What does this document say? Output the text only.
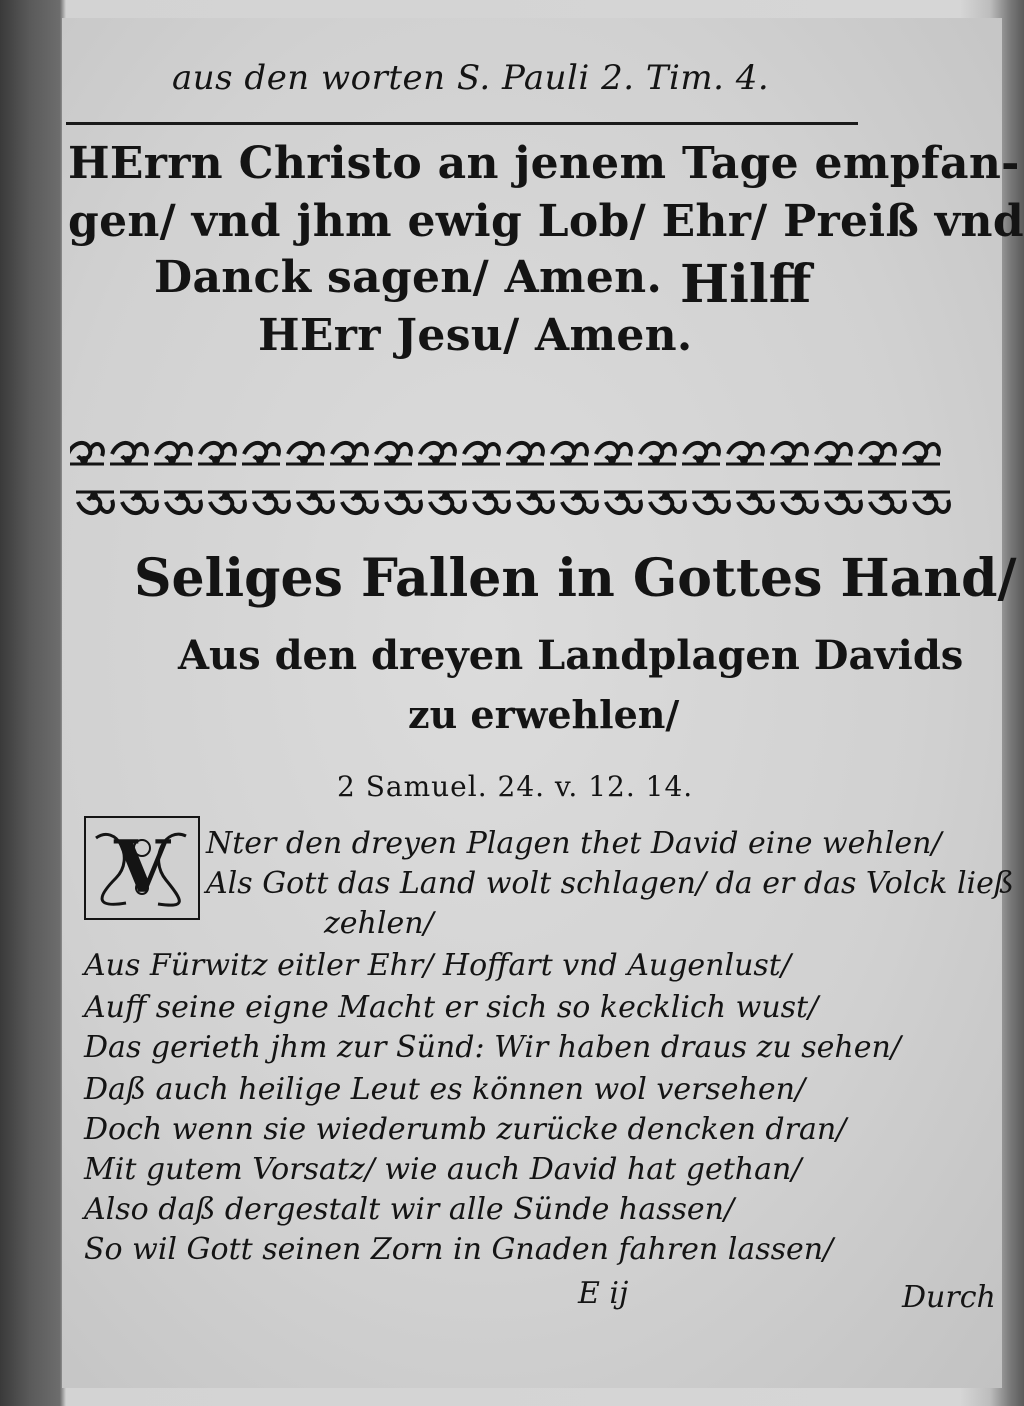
aus den worten S. Pauli 2. Tim. 4.
HErrn Christo an jenem Tage empfan-
gen/ vnd jhm ewig Lob/ Ehr/ Preiß vnd
Danck sagen/ Amen. Hilff
HErr Jesu/ Amen.
Seliges Fallen in Gottes Hand/
Aus den dreyen Landplagen Davids
zu erwehlen/
2 Samuel. 24. v. 12. 14.
V Nter den dreyen Plagen thet David eine wehlen/
Als Gott das Land wolt schlagen/ da er das Volck ließ
zehlen/
Aus Fürwitz eitler Ehr/ Hoffart vnd Augenlust/
Auff seine eigne Macht er sich so kecklich wust/
Das gerieth jhm zur Sünd: Wir haben draus zu sehen/
Daß auch heilige Leut es können wol versehen/
Doch wenn sie wiederumb zurücke dencken dran/
Mit gutem Vorsatz/ wie auch David hat gethan/
Also daß dergestalt wir alle Sünde hassen/
So wil Gott seinen Zorn in Gnaden fahren lassen/
E ij	Durch
